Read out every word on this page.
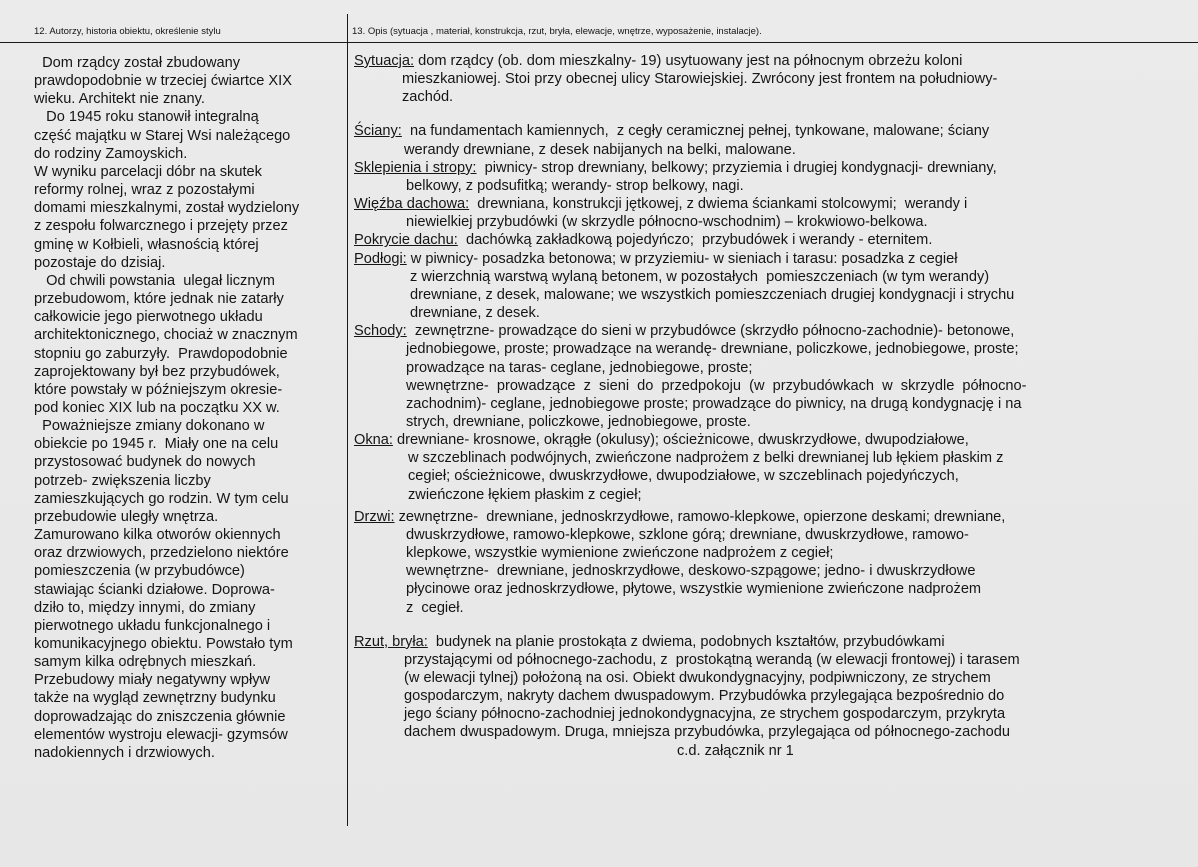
12. Autorzy, historia obiektu, określenie stylu	13. Opis (sytuacja , materiał, konstrukcja, rzut, bryła, elewacje, wnętrze, wyposażenie, instalacje).
Dom rządcy został zbudowany
prawdopodobnie w trzeciej ćwiartce XIX
wieku. Architekt nie znany.
Do 1945 roku stanowił integralną
część majątku w Starej Wsi należącego
do rodziny Zamoyskich.
W wyniku parcelacji dóbr na skutek
reformy rolnej, wraz z pozostałymi
domami mieszkalnymi, został wydzielony
z zespołu folwarcznego i przejęty przez
gminę w Kołbieli, własnością której
pozostaje do dzisiaj.
Od chwili powstania  ulegał licznym
przebudowom, które jednak nie zatarły
całkowicie jego pierwotnego układu
architektonicznego, chociaż w znacznym
stopniu go zaburzyły.  Prawdopodobnie
zaprojektowany był bez przybudówek,
które powstały w późniejszym okresie-
pod koniec XIX lub na początku XX w.
Poważniejsze zmiany dokonano w
obiekcie po 1945 r.  Miały one na celu
przystosować budynek do nowych
potrzeb- zwiększenia liczby
zamieszkujących go rodzin. W tym celu
przebudowie uległy wnętrza.
Zamurowano kilka otworów okiennych
oraz drzwiowych, przedzielono niektóre
pomieszczenia (w przybudówce)
stawiając ścianki działowe. Doprowa-
dziło to, między innymi, do zmiany
pierwotnego układu funkcjonalnego i
komunikacyjnego obiektu. Powstało tym
samym kilka odrębnych mieszkań.
Przebudowy miały negatywny wpływ
także na wygląd zewnętrzny budynku
doprowadzając do zniszczenia głównie
elementów wystroju elewacji- gzymsów
nadokiennych i drzwiowych.
Sytuacja: dom rządcy (ob. dom mieszkalny- 19) usytuowany jest na północnym obrzeżu koloni
mieszkaniowej. Stoi przy obecnej ulicy Starowiejskiej. Zwrócony jest frontem na południowy-
zachód.
Ściany:  na fundamentach kamiennych,  z cegły ceramicznej pełnej, tynkowane, malowane; ściany
werandy drewniane, z desek nabijanych na belki, malowane.
Sklepienia i stropy:  piwnicy- strop drewniany, belkowy; przyziemia i drugiej kondygnacji- drewniany,
belkowy, z podsufitką; werandy- strop belkowy, nagi.
Więźba dachowa:  drewniana, konstrukcji jętkowej, z dwiema ściankami stolcowymi;  werandy i
niewielkiej przybudówki (w skrzydle północno-wschodnim) – krokwiowo-belkowa.
Pokrycie dachu:  dachówką zakładkową pojedyńczo;  przybudówek i werandy - eternitem.
Podłogi: w piwnicy- posadzka betonowa; w przyziemiu- w sieniach i tarasu: posadzka z cegieł
z wierzchnią warstwą wylaną betonem, w pozostałych  pomieszczeniach (w tym werandy)
drewniane, z desek, malowane; we wszystkich pomieszczeniach drugiej kondygnacji i strychu
drewniane, z desek.
Schody:  zewnętrzne- prowadzące do sieni w przybudówce (skrzydło północno-zachodnie)- betonowe,
jednobiegowe, proste; prowadzące na werandę- drewniane, policzkowe, jednobiegowe, proste;
prowadzące na taras- ceglane, jednobiegowe, proste;
wewnętrzne-  prowadzące  z  sieni  do  przedpokoju  (w  przybudówkach  w  skrzydle  północno-
zachodnim)- ceglane, jednobiegowe proste; prowadzące do piwnicy, na drugą kondygnację i na
strych, drewniane, policzkowe, jednobiegowe, proste.
Okna: drewniane- krosnowe, okrągłe (okulusy); ościeżnicowe, dwuskrzydłowe, dwupodziałowe,
w szczeblinach podwójnych, zwieńczone nadprożem z belki drewnianej lub łękiem płaskim z
cegieł; ościeżnicowe, dwuskrzydłowe, dwupodziałowe, w szczeblinach pojedyńczych,
zwieńczone łękiem płaskim z cegieł;
Drzwi: zewnętrzne-  drewniane, jednoskrzydłowe, ramowo-klepkowe, opierzone deskami; drewniane,
dwuskrzydłowe, ramowo-klepkowe, szklone górą; drewniane, dwuskrzydłowe, ramowo-
klepkowe, wszystkie wymienione zwieńczone nadprożem z cegieł;
wewnętrzne-  drewniane, jednoskrzydłowe, deskowo-szpągowe; jedno- i dwuskrzydłowe
płycinowe oraz jednoskrzydłowe, płytowe, wszystkie wymienione zwieńczone nadprożem
z  cegieł.
Rzut, bryła:  budynek na planie prostokąta z dwiema, podobnych kształtów, przybudówkami
przystającymi od północnego-zachodu, z  prostokątną werandą (w elewacji frontowej) i tarasem
(w elewacji tylnej) położoną na osi. Obiekt dwukondygnacyjny, podpiwniczony, ze strychem
gospodarczym, nakryty dachem dwuspadowym. Przybudówka przylegająca bezpośrednio do
jego ściany północno-zachodniej jednokondygnacyjna, ze strychem gospodarczym, przykryta
dachem dwuspadowym. Druga, mniejsza przybudówka, przylegająca od północnego-zachodu
c.d. załącznik nr 1
